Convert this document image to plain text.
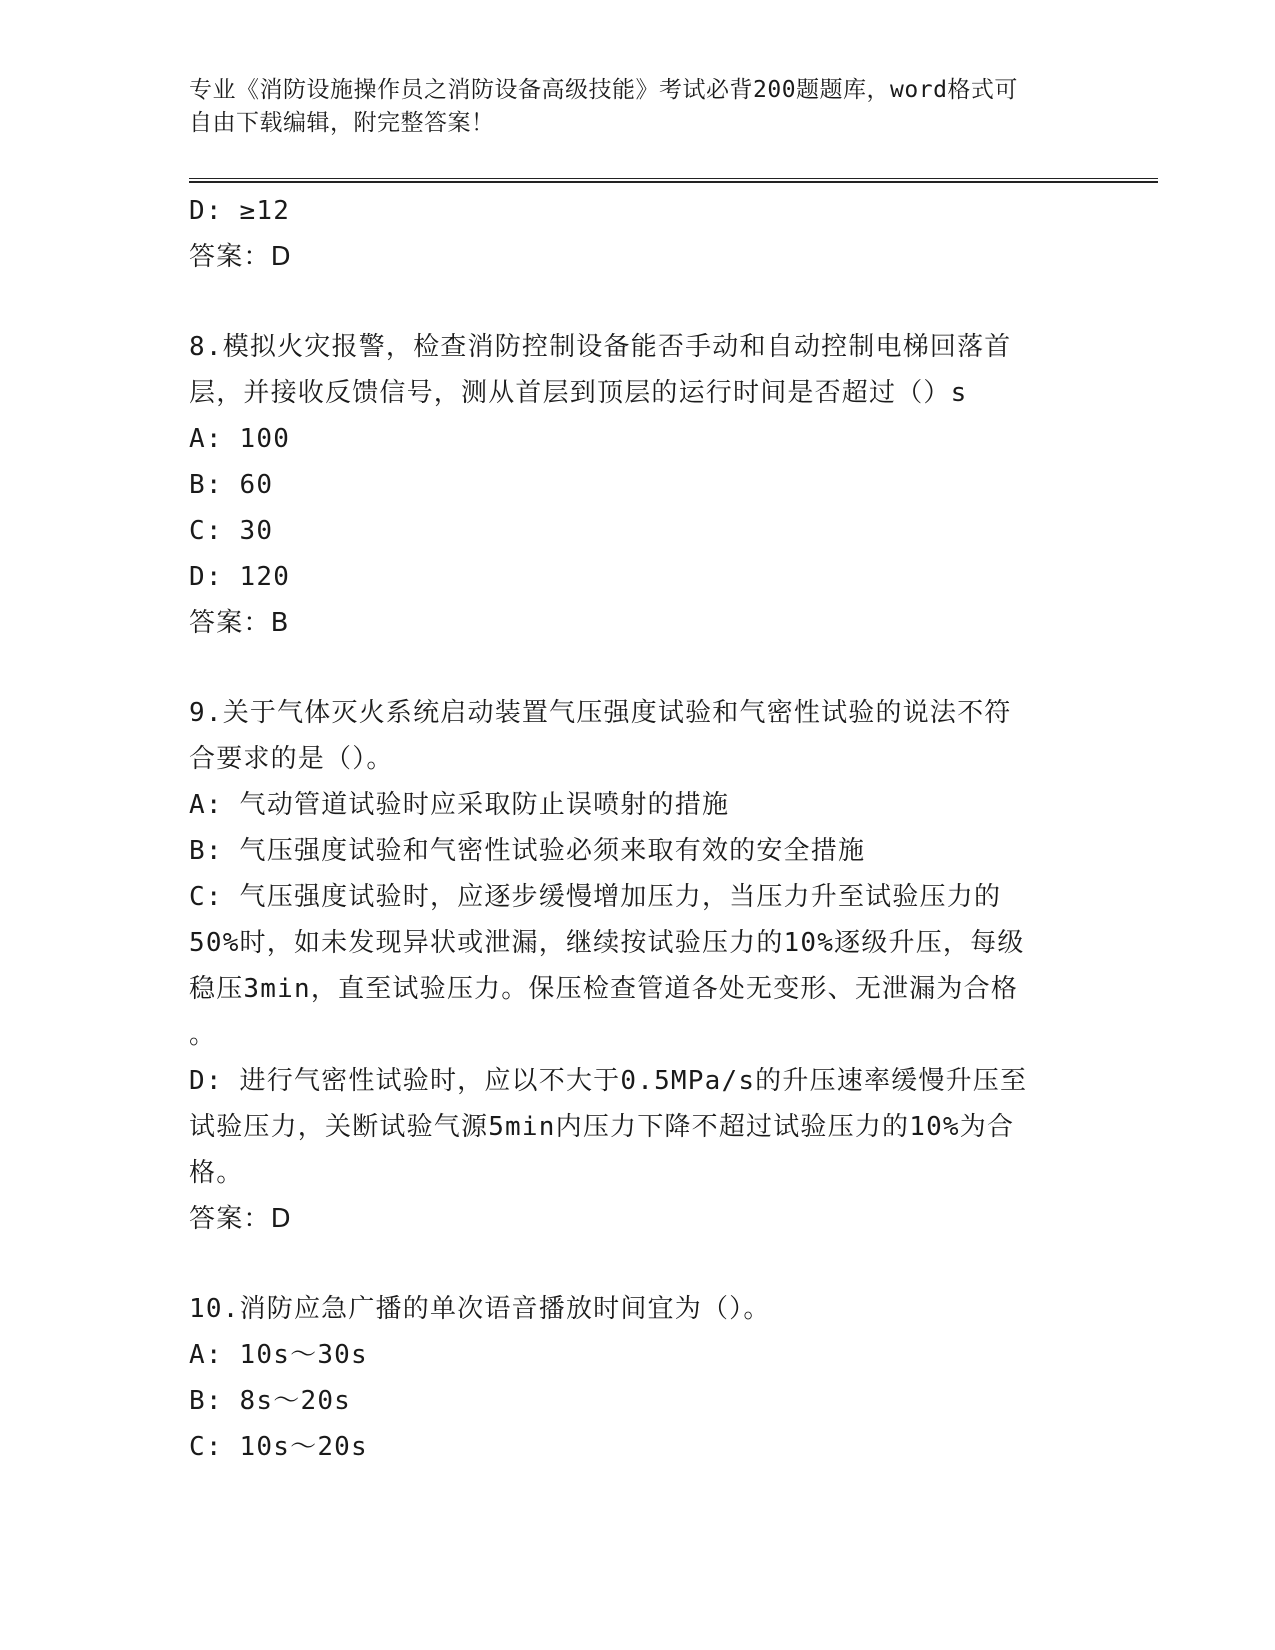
专业《消防设施操作员之消防设备高级技能》考试必背200题题库，word格式可
自由下载编辑，附完整答案！
D: ≥12
答案：D
8.模拟火灾报警，检查消防控制设备能否手动和自动控制电梯回落首
层，并接收反馈信号，测从首层到顶层的运行时间是否超过（）s
A: 100
B: 60
C: 30
D: 120
答案：B
9.关于气体灭火系统启动装置气压强度试验和气密性试验的说法不符
合要求的是（）。
A: 气动管道试验时应采取防止误喷射的措施
B: 气压强度试验和气密性试验必须来取有效的安全措施
C: 气压强度试验时，应逐步缓慢增加压力，当压力升至试验压力的
50%时，如未发现异状或泄漏，继续按试验压力的10%逐级升压，每级
稳压3min，直至试验压力。保压检查管道各处无变形、无泄漏为合格
。
D: 进行气密性试验时，应以不大于0.5MPa/s的升压速率缓慢升压至
试验压力，关断试验气源5min内压力下降不超过试验压力的10%为合
格。
答案：D
10.消防应急广播的单次语音播放时间宜为（）。
A: 10s～30s
B: 8s～20s
C: 10s～20s
